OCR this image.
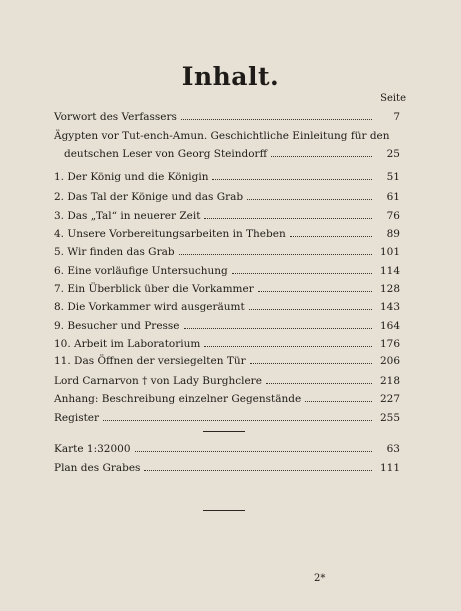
Inhalt.
Seite
Vorwort des Verfassers	7
Ägypten vor Tut-ench-Amun. Geschichtliche Einleitung für den
deutschen Leser von Georg Steindorff	25
1. Der König und die Königin	51
2. Das Tal der Könige und das Grab	61
3. Das „Tal“ in neuerer Zeit	76
4. Unsere Vorbereitungsarbeiten in Theben	89
5. Wir finden das Grab	101
6. Eine vorläufige Untersuchung	114
7. Ein Überblick über die Vorkammer	128
8. Die Vorkammer wird ausgeräumt	143
9. Besucher und Presse	164
10. Arbeit im Laboratorium	176
11. Das Öffnen der versiegelten Tür	206
Lord Carnarvon † von Lady Burghclere	218
Anhang: Beschreibung einzelner Gegenstände	227
Register	255
Karte 1:32000	63
Plan des Grabes	111
2*
